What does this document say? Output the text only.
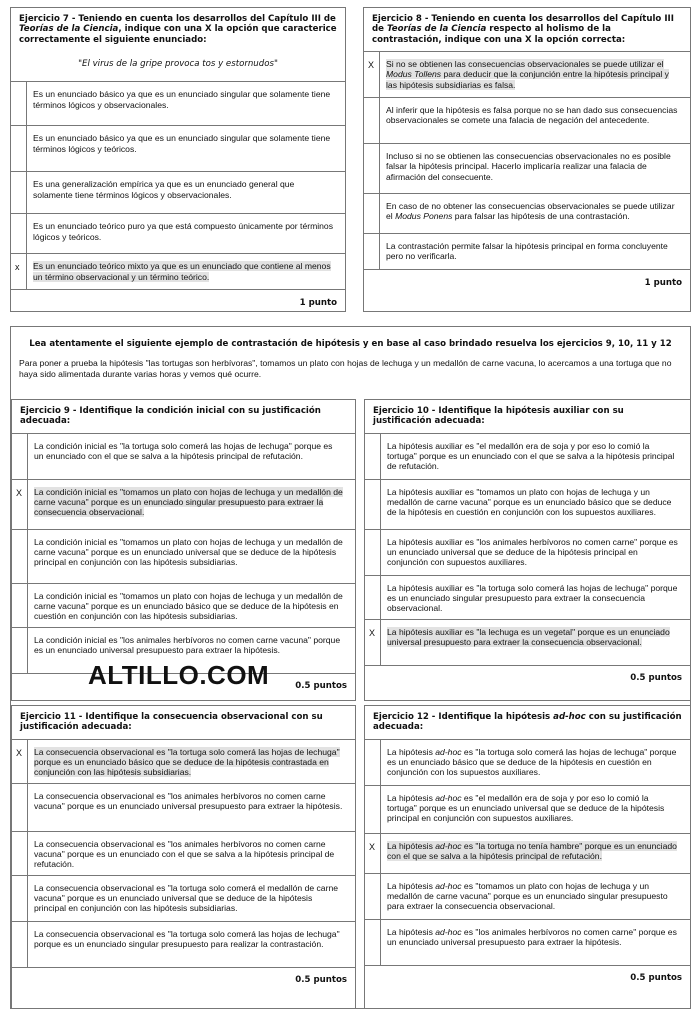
Ejercicio 7 - Teniendo en cuenta los desarrollos del Capítulo III de Teorías de la Ciencia, indique con una X la opción que caracterice correctamente el siguiente enunciado:
"El virus de la gripe provoca tos y estornudos"
Es un enunciado básico ya que es un enunciado singular que solamente tiene términos lógicos y observacionales.
Es un enunciado básico ya que es un enunciado singular que solamente tiene términos lógicos y teóricos.
Es una generalización empírica ya que es un enunciado general que solamente tiene términos lógicos y observacionales.
Es un enunciado teórico puro ya que está compuesto únicamente por términos lógicos y teóricos.
x	Es un enunciado teórico mixto ya que es un enunciado que contiene al menos un término observacional y un término teórico.
1 punto
Ejercicio 8 - Teniendo en cuenta los desarrollos del Capítulo III de Teorías de la Ciencia respecto al holismo de la contrastación, indique con una X la opción correcta:
X	Si no se obtienen las consecuencias observacionales se puede utilizar el Modus Tollens para deducir que la conjunción entre la hipótesis principal y las hipótesis subsidiarias es falsa.
Al inferir que la hipótesis es falsa porque no se han dado sus consecuencias observacionales se comete una falacia de negación del antecedente.
Incluso si no se obtienen las consecuencias observacionales no es posible falsar la hipótesis principal. Hacerlo implicaría realizar una falacia de afirmación del consecuente.
En caso de no obtener las consecuencias observacionales se puede utilizar el Modus Ponens para falsar las hipótesis de una contrastación.
La contrastación permite falsar la hipótesis principal en forma concluyente pero no verificarla.
1 punto
Lea atentamente el siguiente ejemplo de contrastación de hipótesis y en base al caso brindado resuelva los ejercicios 9, 10, 11 y 12
Para poner a prueba la hipótesis "las tortugas son herbívoras", tomamos un plato con hojas de lechuga y un medallón de carne vacuna, lo acercamos a una tortuga que no haya sido alimentada durante varias horas y vemos qué ocurre.
Ejercicio 9 - Identifique la condición inicial con su justificación adecuada:
La condición inicial es "la tortuga solo comerá las hojas de lechuga" porque es un enunciado con el que se salva a la hipótesis principal de refutación.
X	La condición inicial es "tomamos un plato con hojas de lechuga y un medallón de carne vacuna" porque es un enunciado singular presupuesto para extraer la consecuencia observacional.
La condición inicial es "tomamos un plato con hojas de lechuga y un medallón de carne vacuna" porque es un enunciado universal que se deduce de la hipótesis principal en conjunción con las hipótesis subsidiarias.
La condición inicial es "tomamos un plato con hojas de lechuga y un medallón de carne vacuna" porque es un enunciado básico que se deduce de la hipótesis en cuestión en conjunción con las hipótesis subsidiarias.
La condición inicial es "los animales herbívoros no comen carne vacuna" porque es un enunciado universal presupuesto para extraer la hipótesis.
0.5 puntos
Ejercicio 10 - Identifique la hipótesis auxiliar con su justificación adecuada:
La hipótesis auxiliar es "el medallón era de soja y por eso lo comió la tortuga" porque es un enunciado con el que se salva a la hipótesis principal de refutación.
La hipótesis auxiliar es "tomamos un plato con hojas de lechuga y un medallón de carne vacuna" porque es un enunciado básico que se deduce de la hipótesis en cuestión en conjunción con los supuestos auxiliares.
La hipótesis auxiliar es "los animales herbívoros no comen carne" porque es un enunciado universal que se deduce de la hipótesis principal en conjunción con supuestos auxiliares.
La hipótesis auxiliar es "la tortuga solo comerá las hojas de lechuga" porque es un enunciado singular presupuesto para extraer la consecuencia observacional.
X	La hipótesis auxiliar es "la lechuga es un vegetal" porque es un enunciado universal presupuesto para extraer la consecuencia observacional.
0.5 puntos
Ejercicio 11 - Identifique la consecuencia observacional con su justificación adecuada:
X	La consecuencia observacional es "la tortuga solo comerá las hojas de lechuga" porque es un enunciado básico que se deduce de la hipótesis contrastada en conjunción con las hipótesis subsidiarias.
La consecuencia observacional es "los animales herbívoros no comen carne vacuna" porque es un enunciado universal presupuesto para extraer la hipótesis.
La consecuencia observacional es "los animales herbívoros no comen carne vacuna" porque es un enunciado con el que se salva a la hipótesis principal de refutación.
La consecuencia observacional es "la tortuga solo comerá el medallón de carne vacuna" porque es un enunciado universal que se deduce de la hipótesis principal en conjunción con las hipótesis subsidiarias.
La consecuencia observacional es "la tortuga solo comerá las hojas de lechuga" porque es un enunciado singular presupuesto para realizar la contrastación.
0.5 puntos
Ejercicio 12 - Identifique la hipótesis ad-hoc con su justificación adecuada:
La hipótesis ad-hoc es "la tortuga solo comerá las hojas de lechuga" porque es un enunciado básico que se deduce de la hipótesis en cuestión en conjunción con los supuestos auxiliares.
La hipótesis ad-hoc es "el medallón era de soja y por eso lo comió la tortuga" porque es un enunciado universal que se deduce de la hipótesis principal en conjunción con supuestos auxiliares.
X	La hipótesis ad-hoc es "la tortuga no tenía hambre" porque es un enunciado con el que se salva a la hipótesis principal de refutación.
La hipótesis ad-hoc es "tomamos un plato con hojas de lechuga y un medallón de carne vacuna" porque es un enunciado singular presupuesto para extraer la consecuencia observacional.
La hipótesis ad-hoc es "los animales herbívoros no comen carne" porque es un enunciado universal presupuesto para extraer la hipótesis.
0.5 puntos
ALTILLO.COM
